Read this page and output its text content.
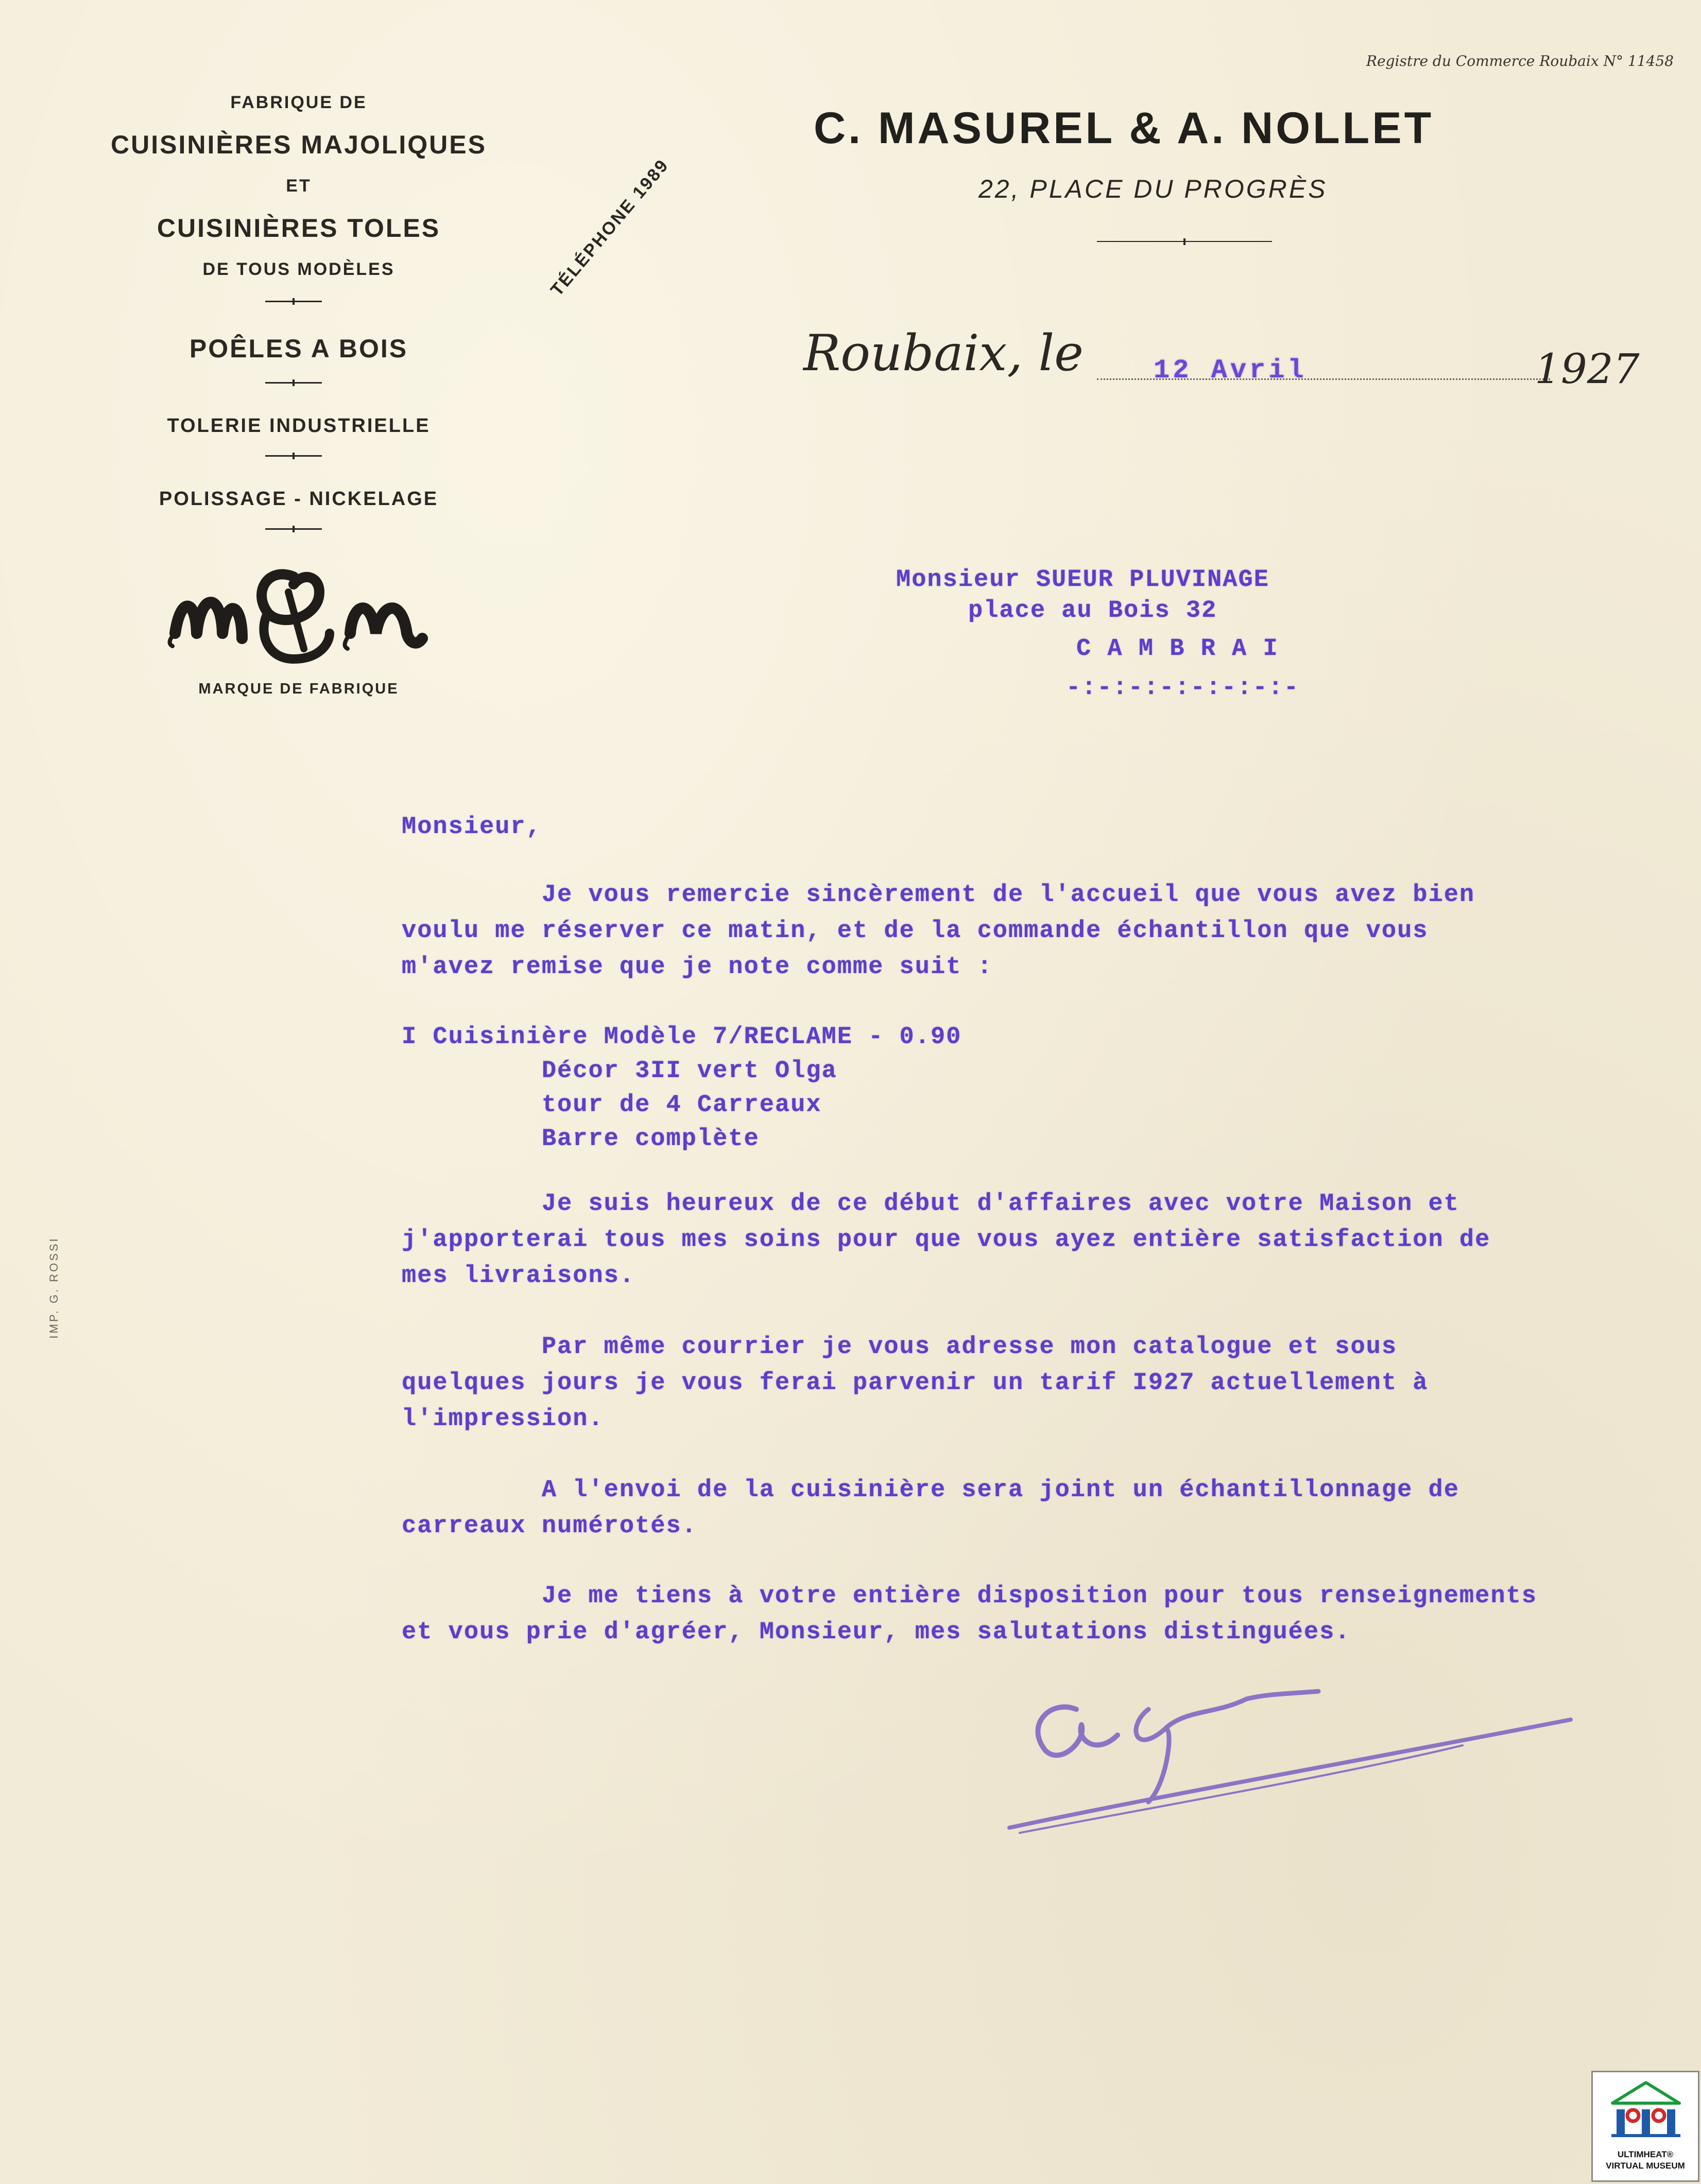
FABRIQUE DE
CUISINIÈRES MAJOLIQUES
ET
CUISINIÈRES TOLES
DE TOUS MODÈLES
POÊLES A BOIS
TOLERIE INDUSTRIELLE
POLISSAGE - NICKELAGE
MARQUE DE FABRIQUE
TÉLÉPHONE 1989
Registre du Commerce Roubaix N° 11458
C. MASUREL & A. NOLLET
22, PLACE DU PROGRÈS
Roubaix, le	12 Avril	1927
Monsieur SUEUR PLUVINAGE
place au Bois 32
C A M B R A I
-:-:-:-:-:-:-:-
IMP. G. ROSSI
Monsieur,
Je vous remercie sincèrement de l'accueil que vous avez bien
voulu me réserver ce matin, et de la commande échantillon que vous
m'avez remise que je note comme suit :
I Cuisinière Modèle 7/RECLAME - 0.90
Décor 3II vert Olga
tour de 4 Carreaux
Barre complète
Je suis heureux de ce début d'affaires avec votre Maison et
j'apporterai tous mes soins pour que vous ayez entière satisfaction de
mes livraisons.
Par même courrier je vous adresse mon catalogue et sous
quelques jours je vous ferai parvenir un tarif I927 actuellement à
l'impression.
A l'envoi de la cuisinière sera joint un échantillonnage de
carreaux numérotés.
Je me tiens à votre entière disposition pour tous renseignements
et vous prie d'agréer, Monsieur, mes salutations distinguées.
ULTIMHEAT®
VIRTUAL MUSEUM
